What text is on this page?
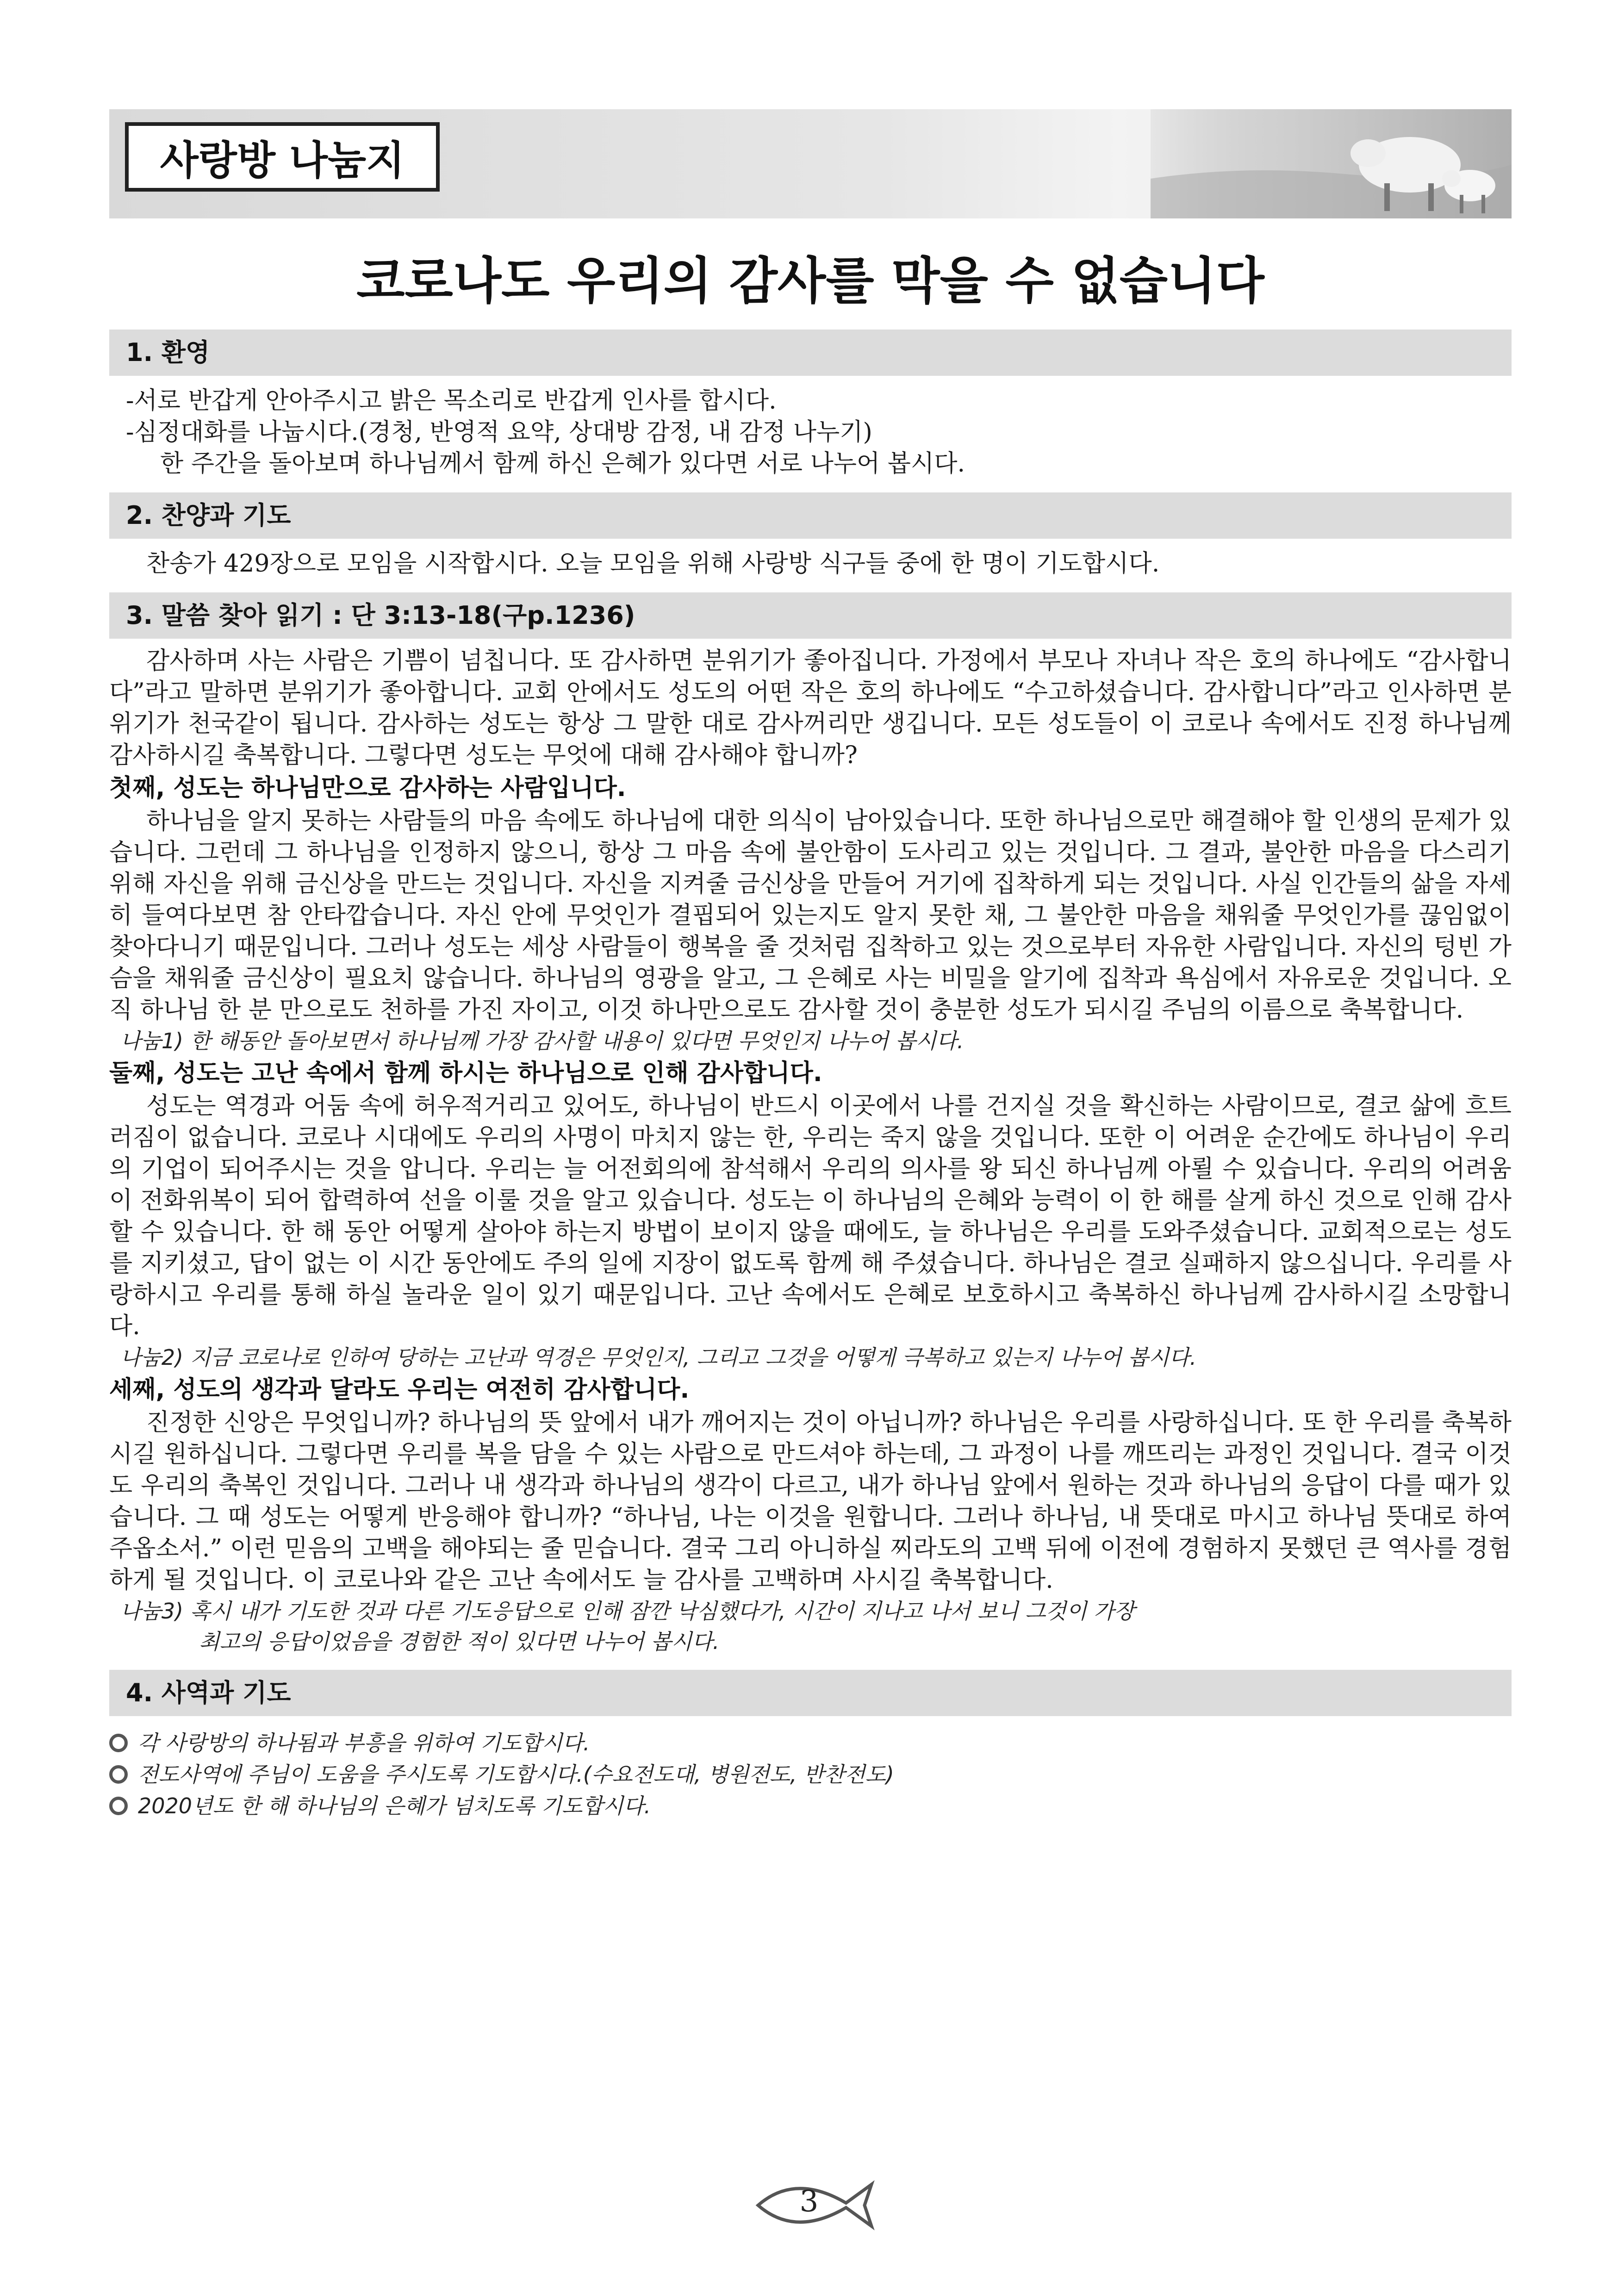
사랑방 나눔지
코로나도 우리의 감사를 막을 수 없습니다
1. 환영
-서로 반갑게 안아주시고 밝은 목소리로 반갑게 인사를 합시다.
-심정대화를 나눕시다.(경청, 반영적 요약, 상대방 감정, 내 감정 나누기)
한 주간을 돌아보며 하나님께서 함께 하신 은혜가 있다면 서로 나누어 봅시다.
2. 찬양과 기도

찬송가 429장으로 모임을 시작합시다. 오늘 모임을 위해 사랑방 식구들 중에 한 명이 기도합시다.

3. 말씀 찾아 읽기 : 단 3:13-18(구p.1236)

감사하며 사는 사람은 기쁨이 넘칩니다. 또 감사하면 분위기가 좋아집니다. 가정에서 부모나 자녀나 작은 호의 하나에도 “감사합니다”라고 말하면 분위기가 좋아합니다. 교회 안에서도 성도의 어떤 작은 호의 하나에도 “수고하셨습니다. 감사합니다”라고 인사하면 분위기가 천국같이 됩니다. 감사하는 성도는 항상 그 말한 대로 감사꺼리만 생깁니다. 모든 성도들이 이 코로나 속에서도 진정 하나님께 감사하시길 축복합니다. 그렇다면 성도는 무엇에 대해 감사해야 합니까?

첫째, 성도는 하나님만으로 감사하는 사람입니다.

하나님을 알지 못하는 사람들의 마음 속에도 하나님에 대한 의식이 남아있습니다. 또한 하나님으로만 해결해야 할 인생의 문제가 있습니다. 그런데 그 하나님을 인정하지 않으니, 항상 그 마음 속에 불안함이 도사리고 있는 것입니다. 그 결과, 불안한 마음을 다스리기 위해 자신을 위해 금신상을 만드는 것입니다. 자신을 지켜줄 금신상을 만들어 거기에 집착하게 되는 것입니다. 사실 인간들의 삶을 자세히 들여다보면 참 안타깝습니다. 자신 안에 무엇인가 결핍되어 있는지도 알지 못한 채, 그 불안한 마음을 채워줄 무엇인가를 끊임없이 찾아다니기 때문입니다. 그러나 성도는 세상 사람들이 행복을 줄 것처럼 집착하고 있는 것으로부터 자유한 사람입니다. 자신의 텅빈 가슴을 채워줄 금신상이 필요치 않습니다. 하나님의 영광을 알고, 그 은혜로 사는 비밀을 알기에 집착과 욕심에서 자유로운 것입니다. 오직 하나님 한 분 만으로도 천하를 가진 자이고, 이것 하나만으로도 감사할 것이 충분한 성도가 되시길 주님의 이름으로 축복합니다.

나눔1) 한 해동안 돌아보면서 하나님께 가장 감사할 내용이 있다면 무엇인지 나누어 봅시다.
둘째, 성도는 고난 속에서 함께 하시는 하나님으로 인해 감사합니다.

성도는 역경과 어둠 속에 허우적거리고 있어도, 하나님이 반드시 이곳에서 나를 건지실 것을 확신하는 사람이므로, 결코 삶에 흐트러짐이 없습니다. 코로나 시대에도 우리의 사명이 마치지 않는 한, 우리는 죽지 않을 것입니다. 또한 이 어려운 순간에도 하나님이 우리의 기업이 되어주시는 것을 압니다. 우리는 늘 어전회의에 참석해서 우리의 의사를 왕 되신 하나님께 아뢸 수 있습니다. 우리의 어려움이 전화위복이 되어 합력하여 선을 이룰 것을 알고 있습니다. 성도는 이 하나님의 은혜와 능력이 이 한 해를 살게 하신 것으로 인해 감사할 수 있습니다. 한 해 동안 어떻게 살아야 하는지 방법이 보이지 않을 때에도, 늘 하나님은 우리를 도와주셨습니다. 교회적으로는 성도를 지키셨고, 답이 없는 이 시간 동안에도 주의 일에 지장이 없도록 함께 해 주셨습니다. 하나님은 결코 실패하지 않으십니다. 우리를 사랑하시고 우리를 통해 하실 놀라운 일이 있기 때문입니다. 고난 속에서도 은혜로 보호하시고 축복하신 하나님께 감사하시길 소망합니다.

나눔2) 지금 코로나로 인하여 당하는 고난과 역경은 무엇인지, 그리고 그것을 어떻게 극복하고 있는지 나누어 봅시다.
세째, 성도의 생각과 달라도 우리는 여전히 감사합니다.

진정한 신앙은 무엇입니까? 하나님의 뜻 앞에서 내가 깨어지는 것이 아닙니까? 하나님은 우리를 사랑하십니다. 또 한 우리를 축복하시길 원하십니다. 그렇다면 우리를 복을 담을 수 있는 사람으로 만드셔야 하는데, 그 과정이 나를 깨뜨리는 과정인 것입니다. 결국 이것도 우리의 축복인 것입니다. 그러나 내 생각과 하나님의 생각이 다르고, 내가 하나님 앞에서 원하는 것과 하나님의 응답이 다를 때가 있습니다. 그 때 성도는 어떻게 반응해야 합니까? “하나님, 나는 이것을 원합니다. 그러나 하나님, 내 뜻대로 마시고 하나님 뜻대로 하여 주옵소서.” 이런 믿음의 고백을 해야되는 줄 믿습니다. 결국 그리 아니하실 찌라도의 고백 뒤에 이전에 경험하지 못했던 큰 역사를 경험하게 될 것입니다. 이 코로나와 같은 고난 속에서도 늘 감사를 고백하며 사시길 축복합니다.

나눔3) 혹시 내가 기도한 것과 다른 기도응답으로 인해 잠깐 낙심했다가, 시간이 지나고 나서 보니 그것이 가장
최고의 응답이었음을 경험한 적이 있다면 나누어 봅시다.
4. 사역과 기도
각 사랑방의 하나됨과 부흥을 위하여 기도합시다.
전도사역에 주님이 도움을 주시도록 기도합시다.(수요전도대, 병원전도, 반찬전도)
2020년도 한 해 하나님의 은혜가 넘치도록 기도합시다.
3
